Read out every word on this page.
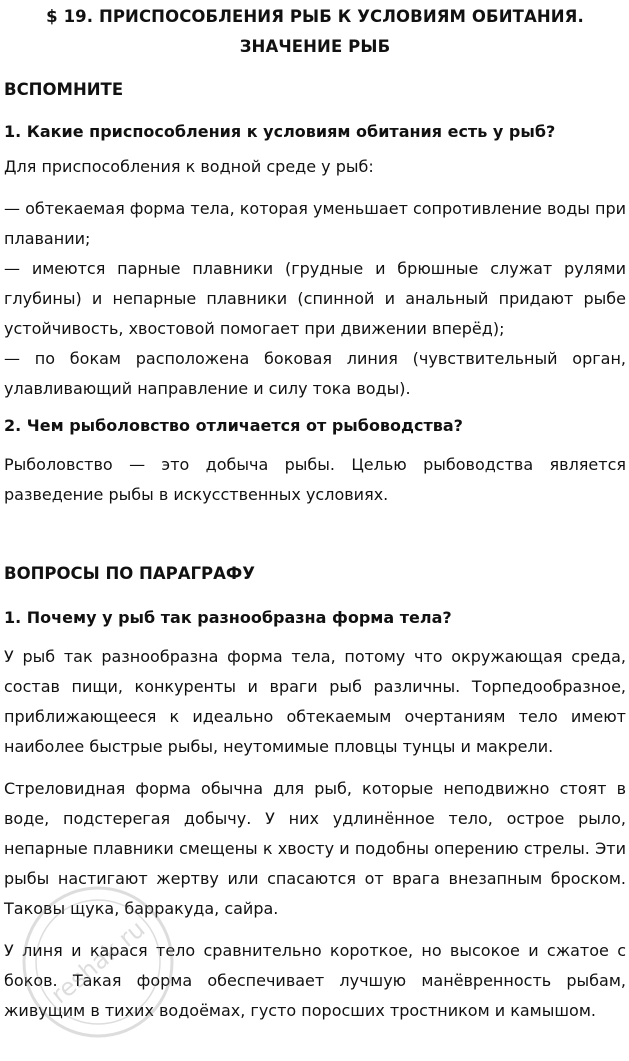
$ 19. ПРИСПОСОБЛЕНИЯ РЫБ К УСЛОВИЯМ ОБИТАНИЯ.
ЗНАЧЕНИЕ РЫБ
ВСПОМНИТЕ
1. Какие приспособления к условиям обитания есть у рыб?
Для приспособления к водной среде у рыб:
— обтекаемая форма тела, которая уменьшает сопротивление воды при плавании;
— имеются парные плавники (грудные и брюшные служат рулями глубины) и непарные плавники (спинной и анальный придают рыбе устойчивость, хвостовой помогает при движении вперёд);
— по бокам расположена боковая линия (чувствительный орган, улавливающий направление и силу тока воды).
2. Чем рыболовство отличается от рыбоводства?
Рыболовство — это добыча рыбы. Целью рыбоводства является разведение рыбы в искусственных условиях.
ВОПРОСЫ ПО ПАРАГРАФУ
1. Почему у рыб так разнообразна форма тела?
У рыб так разнообразна форма тела, потому что окружающая среда, состав пищи, конкуренты и враги рыб различны. Торпедообразное, приближающееся к идеально обтекаемым очертаниям тело имеют наиболее быстрые рыбы, неутомимые пловцы тунцы и макрели.
Стреловидная форма обычна для рыб, которые неподвижно стоят в воде, подстерегая добычу. У них удлинённое тело, острое рыло, непарные плавники смещены к хвосту и подобны оперению стрелы. Эти рыбы настигают жертву или спасаются от врага внезапным броском. Таковы щука, барракуда, сайра.
У линя и карася тело сравнительно короткое, но высокое и сжатое с боков. Такая форма обеспечивает лучшую манёвренность рыбам, живущим в тихих водоёмах, густо поросших тростником и камышом.
reshak.ru
